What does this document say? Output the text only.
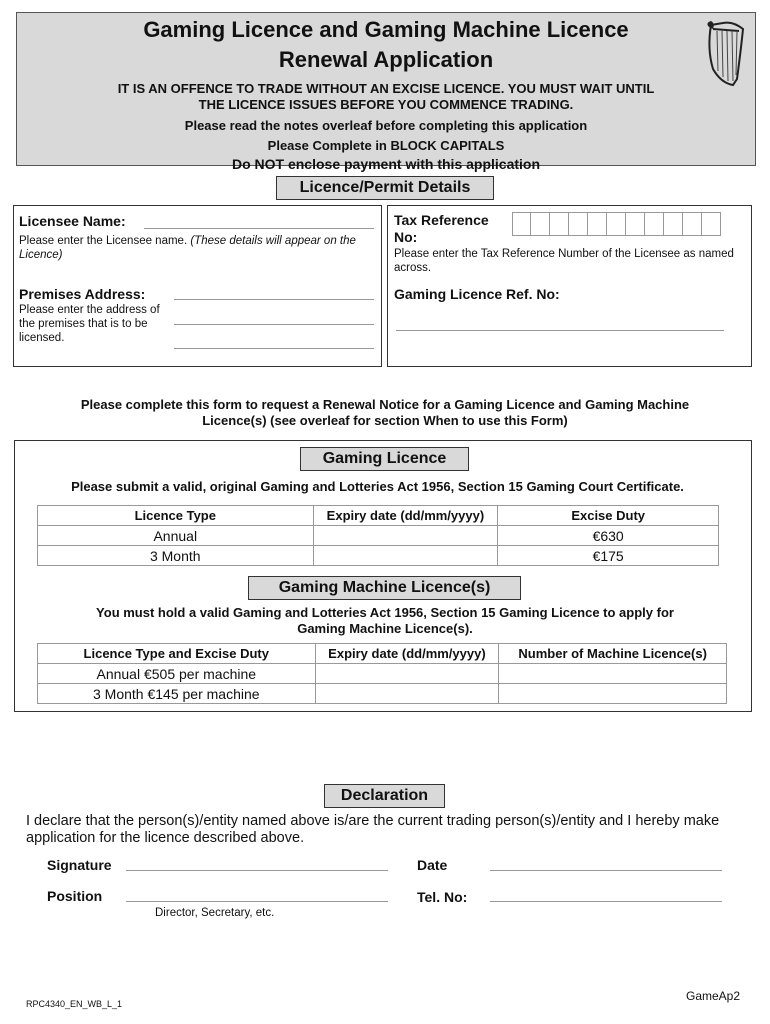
Gaming Licence and Gaming Machine Licence
Renewal Application
IT IS AN OFFENCE TO TRADE WITHOUT AN EXCISE LICENCE. YOU MUST WAIT UNTIL
THE LICENCE ISSUES BEFORE YOU COMMENCE TRADING.
Please read the notes overleaf before completing this application
Please Complete in BLOCK CAPITALS
Do NOT enclose payment with this application
Licence/Permit Details
Licensee Name:
Please enter the Licensee name. (These details will appear on the Licence)
Premises Address:
Please enter the address of the premises that is to be licensed.
Tax Reference
No:
Please enter the Tax Reference Number of the Licensee as named across.
Gaming Licence Ref. No:
Please complete this form to request a Renewal Notice for a Gaming Licence and Gaming Machine
Licence(s) (see overleaf for section When to use this Form)
Gaming Licence
Please submit a valid, original Gaming and Lotteries Act 1956, Section 15 Gaming Court Certificate.
Licence Type	Expiry date (dd/mm/yyyy)	Excise Duty
Annual		€630
3 Month		€175
Gaming Machine Licence(s)
You must hold a valid Gaming and Lotteries Act 1956, Section 15 Gaming Licence to apply for
Gaming Machine Licence(s).
Licence Type and Excise Duty	Expiry date (dd/mm/yyyy)	Number of Machine Licence(s)
Annual €505 per machine		
3 Month €145 per machine		
Declaration
I declare that the person(s)/entity named above is/are the current trading person(s)/entity and I hereby make application for the licence described above.
Signature	Date
Position
Director, Secretary, etc.
Tel. No:
RPC4340_EN_WB_L_1
GameAp2
